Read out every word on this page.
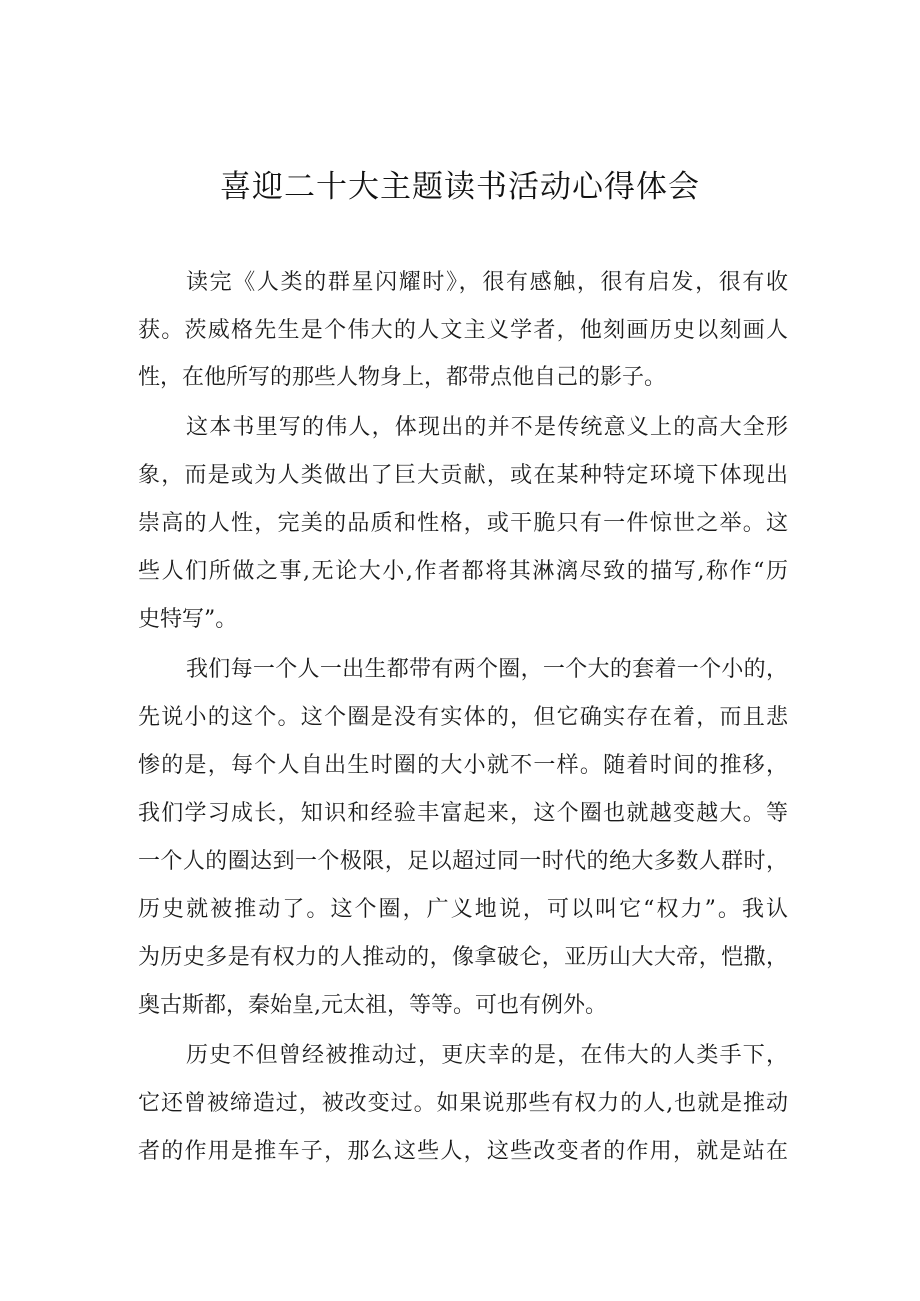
喜迎二十大主题读书活动心得体会
读完《人类的群星闪耀时》，很有感触，很有启发，很有收
获。茨威格先生是个伟大的人文主义学者，他刻画历史以刻画人
性，在他所写的那些人物身上，都带点他自己的影子。
这本书里写的伟人，体现出的并不是传统意义上的高大全形
象，而是或为人类做出了巨大贡献，或在某种特定环境下体现出
崇高的人性，完美的品质和性格，或干脆只有一件惊世之举。这
些人们所做之事,无论大小,作者都将其淋漓尽致的描写,称作“历
史特写”。
我们每一个人一出生都带有两个圈，一个大的套着一个小的，
先说小的这个。这个圈是没有实体的，但它确实存在着，而且悲
惨的是，每个人自出生时圈的大小就不一样。随着时间的推移，
我们学习成长，知识和经验丰富起来，这个圈也就越变越大。等
一个人的圈达到一个极限，足以超过同一时代的绝大多数人群时，
历史就被推动了。这个圈，广义地说，可以叫它“权力”。我认
为历史多是有权力的人推动的，像拿破仑，亚历山大大帝，恺撒，
奥古斯都，秦始皇,元太祖，等等。可也有例外。
历史不但曾经被推动过，更庆幸的是，在伟大的人类手下，
它还曾被缔造过，被改变过。如果说那些有权力的人,也就是推动
者的作用是推车子，那么这些人，这些改变者的作用，就是站在
